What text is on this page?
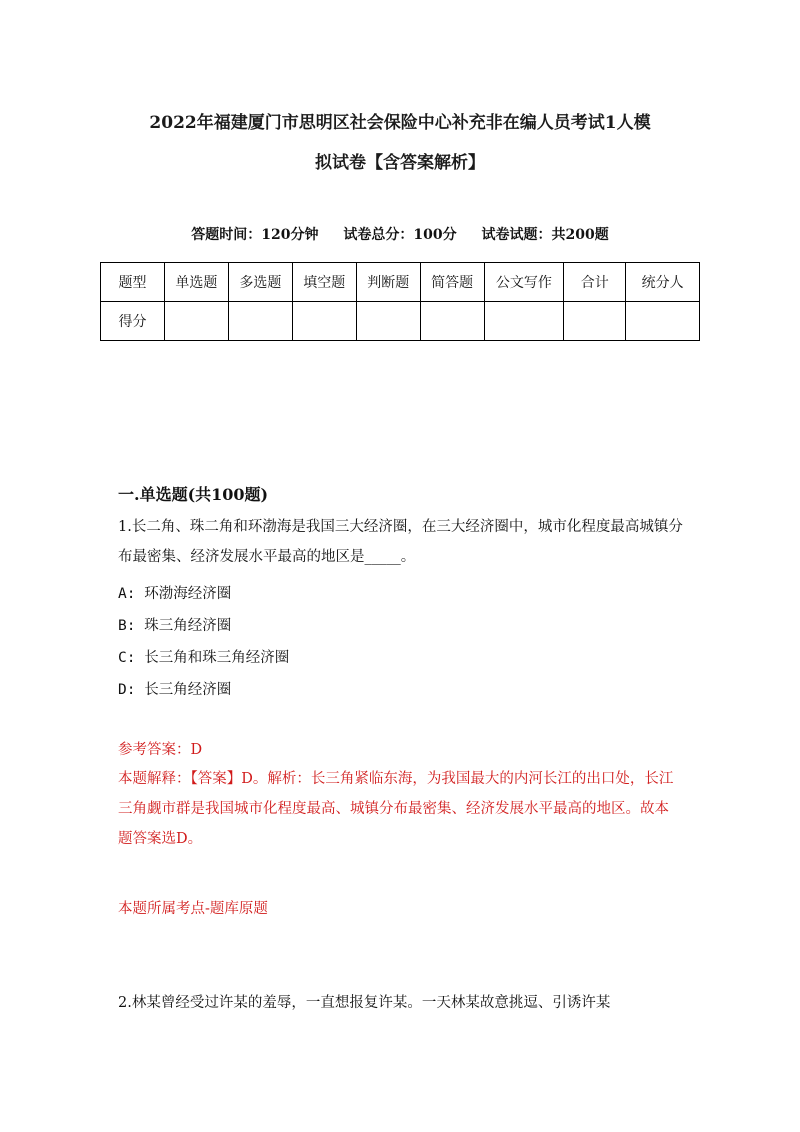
2022年福建厦门市思明区社会保险中心补充非在编人员考试1人模
拟试卷【含答案解析】
答题时间：120分钟 试卷总分：100分 试卷试题：共200题
题型	单选题	多选题	填空题	判断题	简答题	公文写作	合计	统分人
得分								
一.单选题(共100题)
1.长二角、珠二角和环渤海是我国三大经济圈，在三大经济圈中，城市化程度最高城镇分布最密集、经济发展水平最高的地区是_____。
A: 环渤海经济圈
B: 珠三角经济圈
C: 长三角和珠三角经济圈
D: 长三角经济圈
参考答案：D
本题解释：【答案】D。解析：长三角紧临东海，为我国最大的内河长江的出口处，长江三角觑市群是我国城市化程度最高、城镇分布最密集、经济发展水平最高的地区。故本题答案选D。
本题所属考点-题库原题
2.林某曾经受过许某的羞辱，一直想报复许某。一天林某故意挑逗、引诱许某
